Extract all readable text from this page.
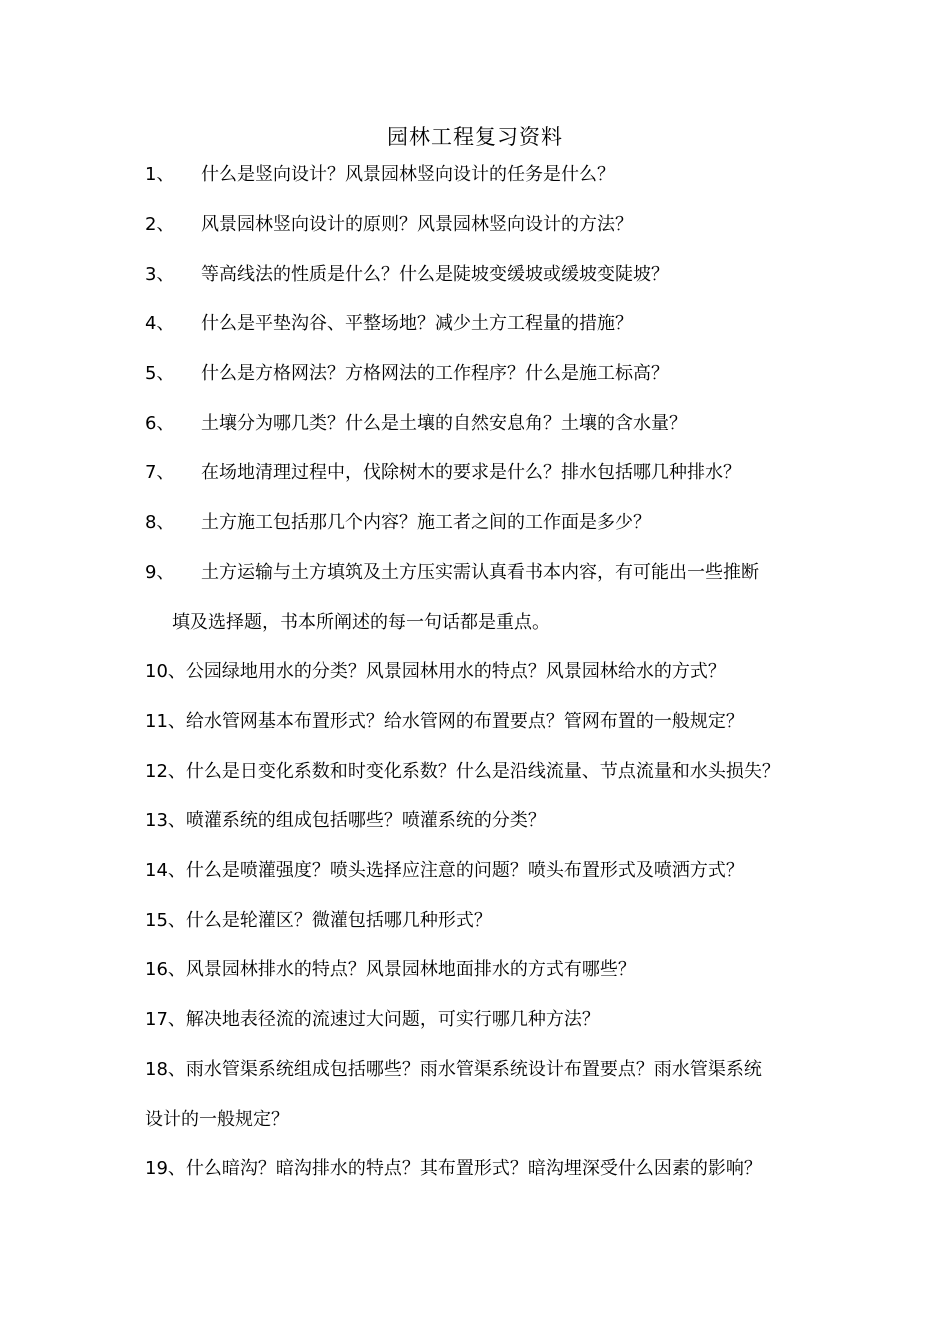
园林工程复习资料
1、 什么是竖向设计？风景园林竖向设计的任务是什么？
2、 风景园林竖向设计的原则？风景园林竖向设计的方法？
3、 等高线法的性质是什么？什么是陡坡变缓坡或缓坡变陡坡？
4、 什么是平垫沟谷、平整场地？减少土方工程量的措施？
5、 什么是方格网法？方格网法的工作程序？什么是施工标高？
6、 土壤分为哪几类？什么是土壤的自然安息角？土壤的含水量？
7、 在场地清理过程中，伐除树木的要求是什么？排水包括哪几种排水？
8、 土方施工包括那几个内容？施工者之间的工作面是多少？
9、 土方运输与土方填筑及土方压实需认真看书本内容，有可能出一些推断
填及选择题，书本所阐述的每一句话都是重点。
10、公园绿地用水的分类？风景园林用水的特点？风景园林给水的方式？
11、给水管网基本布置形式？给水管网的布置要点？管网布置的一般规定？
12、什么是日变化系数和时变化系数？什么是沿线流量、节点流量和水头损失？
13、喷灌系统的组成包括哪些？喷灌系统的分类？
14、什么是喷灌强度？喷头选择应注意的问题？喷头布置形式及喷洒方式？
15、什么是轮灌区？微灌包括哪几种形式？
16、风景园林排水的特点？风景园林地面排水的方式有哪些？
17、解决地表径流的流速过大问题，可实行哪几种方法？
18、雨水管渠系统组成包括哪些？雨水管渠系统设计布置要点？雨水管渠系统
设计的一般规定？
19、什么暗沟？暗沟排水的特点？其布置形式？暗沟埋深受什么因素的影响？
